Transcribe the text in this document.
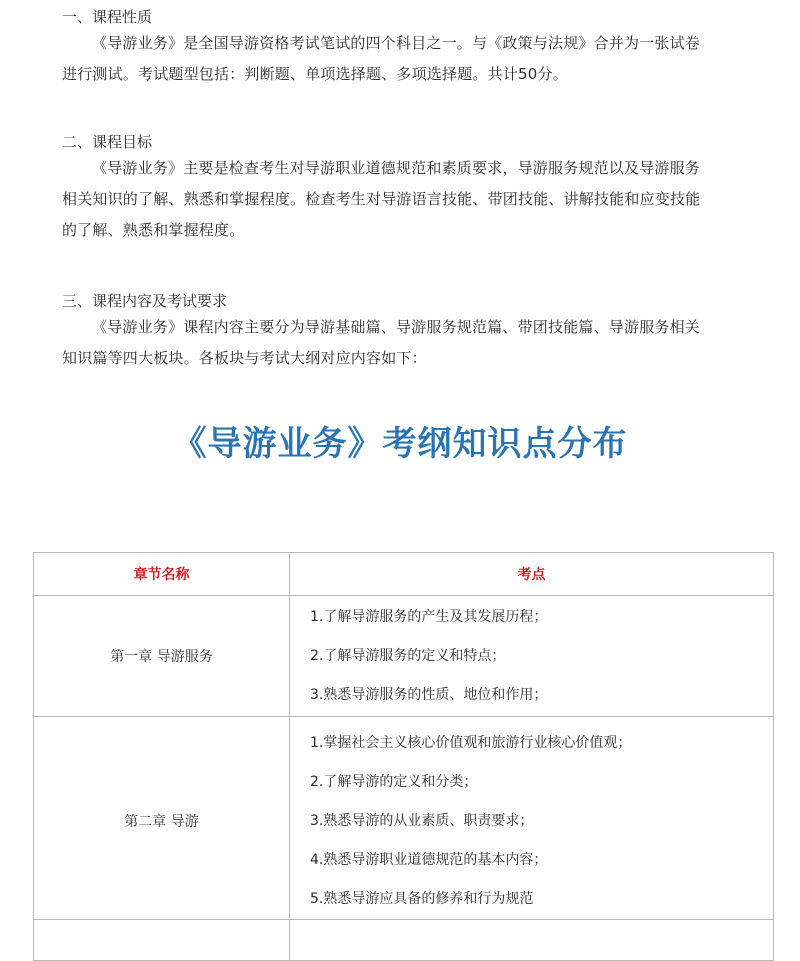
一、课程性质

《导游业务》是全国导游资格考试笔试的四个科目之一。与《政策与法规》合并为一张试卷
进行测试。考试题型包括：判断题、单项选择题、多项选择题。共计50分。

二、课程目标

《导游业务》主要是检查考生对导游职业道德规范和素质要求，导游服务规范以及导游服务
相关知识的了解、熟悉和掌握程度。检查考生对导游语言技能、带团技能、讲解技能和应变技能
的了解、熟悉和掌握程度。

三、课程内容及考试要求

《导游业务》课程内容主要分为导游基础篇、导游服务规范篇、带团技能篇、导游服务相关
知识篇等四大板块。各板块与考试大纲对应内容如下：

《导游业务》考纲知识点分布
章节名称	考点
第一章 导游服务	1.了解导游服务的产生及其发展历程；

2.了解导游服务的定义和特点；

3.熟悉导游服务的性质、地位和作用；

第二章 导游	1.掌握社会主义核心价值观和旅游行业核心价值观；

2.了解导游的定义和分类；

3.熟悉导游的从业素质、职责要求；

4.熟悉导游职业道德规范的基本内容；

5.熟悉导游应具备的修养和行为规范
